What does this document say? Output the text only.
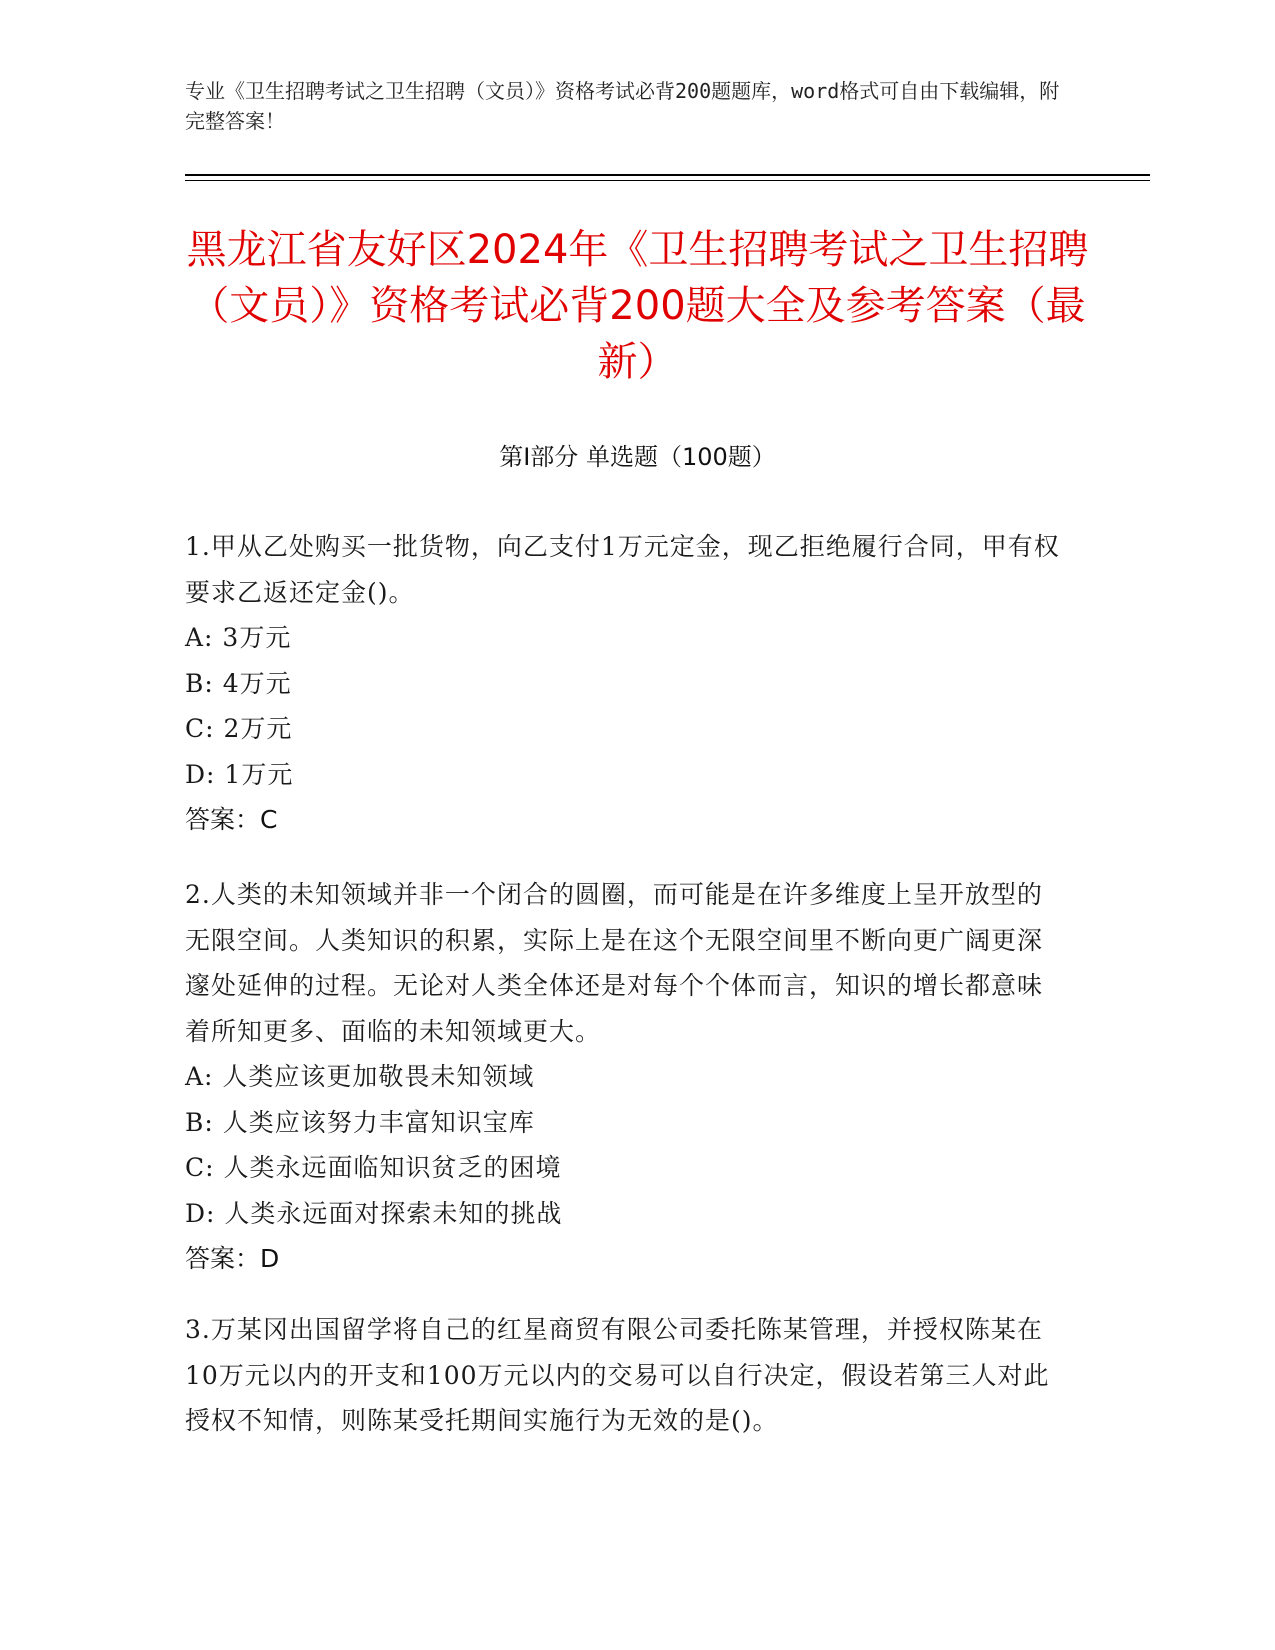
专业《卫生招聘考试之卫生招聘（文员）》资格考试必背200题题库，word格式可自由下载编辑，附完整答案！
黑龙江省友好区2024年《卫生招聘考试之卫生招聘（文员）》资格考试必背200题大全及参考答案（最新）
第I部分 单选题（100题）
1.甲从乙处购买一批货物，向乙支付1万元定金，现乙拒绝履行合同，甲有权要求乙返还定金()。
A: 3万元
B: 4万元
C: 2万元
D: 1万元
答案：C
2.人类的未知领域并非一个闭合的圆圈，而可能是在许多维度上呈开放型的无限空间。人类知识的积累，实际上是在这个无限空间里不断向更广阔更深邃处延伸的过程。无论对人类全体还是对每个个体而言，知识的增长都意味着所知更多、面临的未知领域更大。
A: 人类应该更加敬畏未知领域
B: 人类应该努力丰富知识宝库
C: 人类永远面临知识贫乏的困境
D: 人类永远面对探索未知的挑战
答案：D
3.万某冈出国留学将自己的红星商贸有限公司委托陈某管理，并授权陈某在10万元以内的开支和100万元以内的交易可以自行决定，假设若第三人对此授权不知情，则陈某受托期间实施行为无效的是()。
